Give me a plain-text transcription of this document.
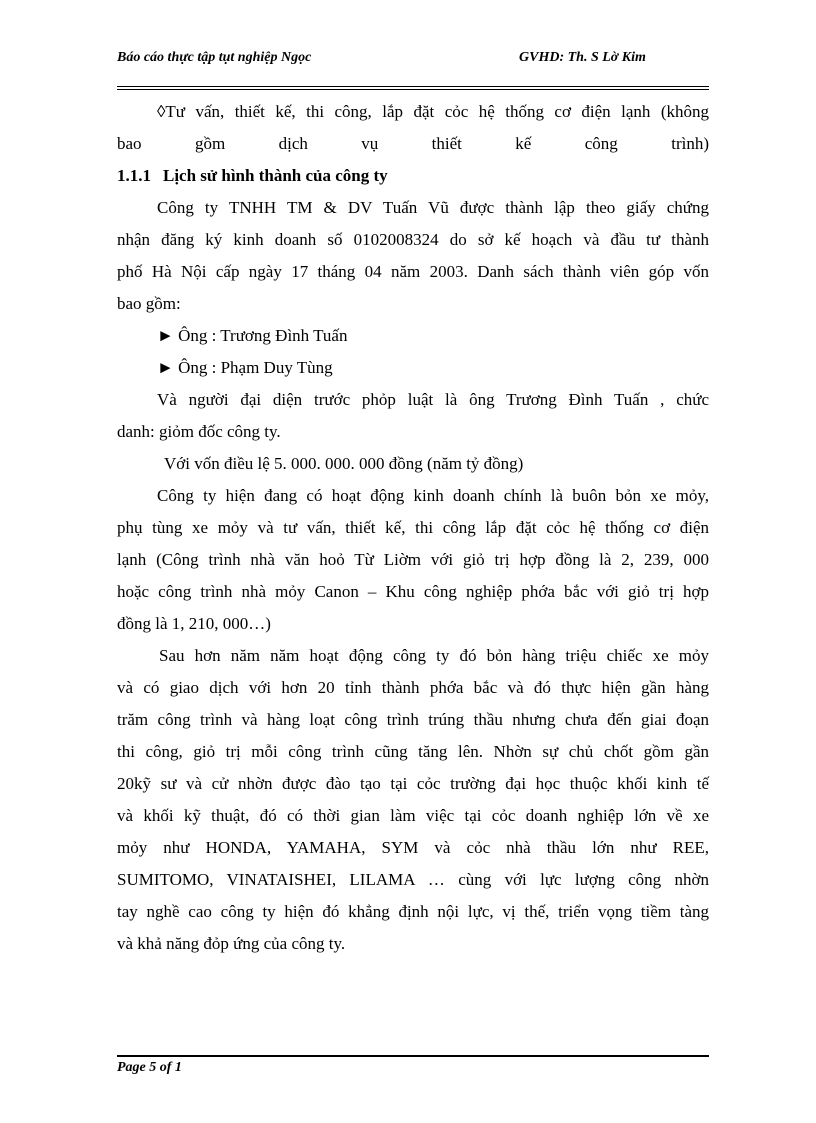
Báo cáo thực tập tụt nghiệp Ngọc	GVHD: Th. S Lờ Kim
◊Tư vấn, thiết kế, thi công, lắp đặt cỏc hệ thống cơ điện lạnh (không
bao gồm dịch vụ thiết kế công trình)
1.1.1 Lịch sử hình thành của công ty
Công ty TNHH TM & DV Tuấn Vũ được thành lập theo giấy chứng
nhận đăng ký kinh doanh số 0102008324 do sở kế hoạch và đầu tư thành
phố Hà Nội cấp ngày 17 tháng 04 năm 2003. Danh sách thành viên góp vốn
bao gồm:
► Ông : Trương Đình Tuấn
► Ông : Phạm Duy Tùng
Và người đại diện trước phỏp luật là ông Trương Đình Tuấn , chức
danh: giỏm đốc công ty.
Với vốn điều lệ 5. 000. 000. 000 đồng (năm tỷ đồng)
Công ty hiện đang có hoạt động kinh doanh chính là buôn bỏn xe mỏy,
phụ tùng xe mỏy và tư vấn, thiết kế, thi công lắp đặt cỏc hệ thống cơ điện
lạnh (Công trình nhà văn hoỏ Từ Liờm với giỏ trị hợp đồng là 2, 239, 000
hoặc công trình nhà mỏy Canon – Khu công nghiệp phớa bắc với giỏ trị hợp
đồng là 1, 210, 000…)
Sau hơn năm năm hoạt động công ty đó bỏn hàng triệu chiếc xe mỏy
và có giao dịch với hơn 20 tỉnh thành phớa bắc và đó thực hiện gần hàng
trăm công trình và hàng loạt công trình trúng thầu nhưng chưa đến giai đoạn
thi công, giỏ trị mỗi công trình cũng tăng lên. Nhờn sự chủ chốt gồm gần
20kỹ sư và cử nhờn được đào tạo tại cỏc trường đại học thuộc khối kinh tế
và khối kỹ thuật, đó có thời gian làm việc tại cỏc doanh nghiệp lớn về xe
mỏy như HONDA, YAMAHA, SYM và cỏc nhà thầu lớn như REE,
SUMITOMO, VINATAISHEI, LILAMA … cùng với lực lượng công nhờn
tay nghề cao công ty hiện đó khẳng định nội lực, vị thế, triển vọng tiềm tàng
và khả năng đỏp ứng của công ty.
Page 5 of 1
